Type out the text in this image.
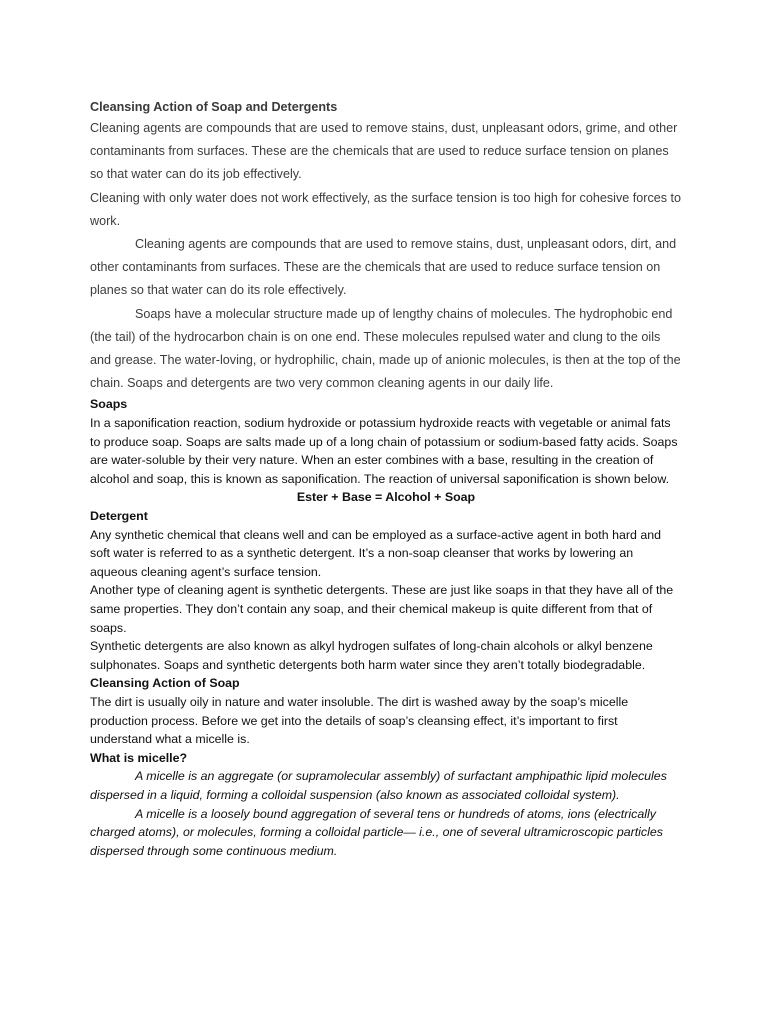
Cleansing Action of Soap and Detergents

Cleaning agents are compounds that are used to remove stains, dust, unpleasant odors, grime, and other contaminants from surfaces. These are the chemicals that are used to reduce surface tension on planes so that water can do its job effectively.

Cleaning with only water does not work effectively, as the surface tension is too high for cohesive forces to work.

Cleaning agents are compounds that are used to remove stains, dust, unpleasant odors, dirt, and other contaminants from surfaces. These are the chemicals that are used to reduce surface tension on planes so that water can do its role effectively.

Soaps have a molecular structure made up of lengthy chains of molecules. The hydrophobic end (the tail) of the hydrocarbon chain is on one end. These molecules repulsed water and clung to the oils and grease. The water-loving, or hydrophilic, chain, made up of anionic molecules, is then at the top of the chain. Soaps and detergents are two very common cleaning agents in our daily life.

Soaps

In a saponification reaction, sodium hydroxide or potassium hydroxide reacts with vegetable or animal fats to produce soap. Soaps are salts made up of a long chain of potassium or sodium-based fatty acids. Soaps are water-soluble by their very nature. When an ester combines with a base, resulting in the creation of alcohol and soap, this is known as saponification. The reaction of universal saponification is shown below.

Ester + Base = Alcohol + Soap

Detergent

Any synthetic chemical that cleans well and can be employed as a surface-active agent in both hard and soft water is referred to as a synthetic detergent. It’s a non-soap cleanser that works by lowering an aqueous cleaning agent’s surface tension.

Another type of cleaning agent is synthetic detergents. These are just like soaps in that they have all of the same properties. They don’t contain any soap, and their chemical makeup is quite different from that of soaps.

Synthetic detergents are also known as alkyl hydrogen sulfates of long-chain alcohols or alkyl benzene sulphonates. Soaps and synthetic detergents both harm water since they aren’t totally biodegradable.

Cleansing Action of Soap

The dirt is usually oily in nature and water insoluble. The dirt is washed away by the soap’s micelle production process. Before we get into the details of soap’s cleansing effect, it’s important to first understand what a micelle is.

What is micelle?

A micelle is an aggregate (or supramolecular assembly) of surfactant amphipathic lipid molecules dispersed in a liquid, forming a colloidal suspension (also known as associated colloidal system).

A micelle is a loosely bound aggregation of several tens or hundreds of atoms, ions (electrically charged atoms), or molecules, forming a colloidal particle— i.e., one of several ultramicroscopic particles dispersed through some continuous medium.
